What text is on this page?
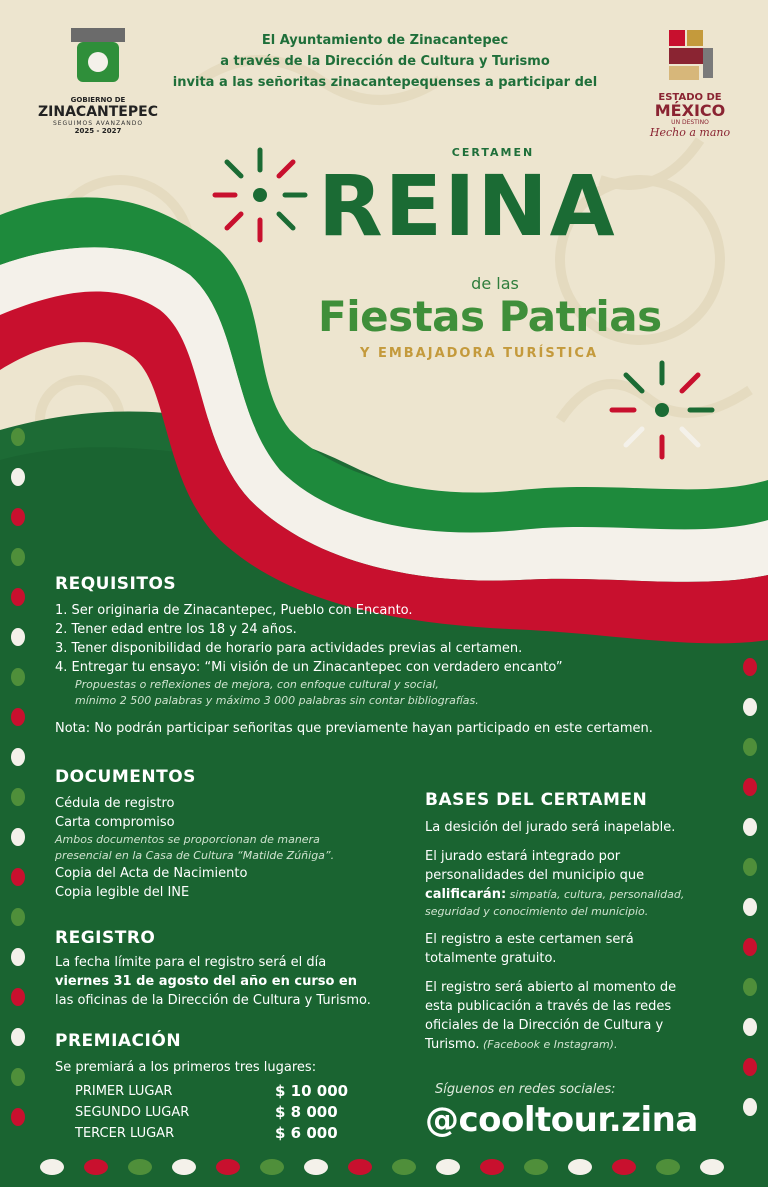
GOBIERNO DE
ZINACANTEPEC
SEGUIMOS AVANZANDO
2025 - 2027
ESTADO DE
MÉXICO
UN DESTINO
Hecho a mano
El Ayuntamiento de Zinacantepec
a través de la Dirección de Cultura y Turismo
invita a las señoritas zinacantepequenses a participar del
CERTAMEN
REINA
de las
Fiestas Patrias
Y EMBAJADORA TURÍSTICA
REQUISITOS
1. Ser originaria de Zinacantepec, Pueblo con Encanto.
2. Tener edad entre los 18 y 24 años.
3. Tener disponibilidad de horario para actividades previas al certamen.
4. Entregar tu ensayo: “Mi visión de un Zinacantepec con verdadero encanto”
Propuestas o reflexiones de mejora, con enfoque cultural y social,
mínimo 2 500 palabras y máximo 3 000 palabras sin contar bibliografías.
Nota: No podrán participar señoritas que previamente hayan participado en este certamen.
DOCUMENTOS
Cédula de registro
Carta compromiso
Ambos documentos se proporcionan de manera
presencial en la Casa de Cultura “Matilde Zúñiga”.
Copia del Acta de Nacimiento
Copia legible del INE
REGISTRO
La fecha límite para el registro será el día
viernes 31 de agosto del año en curso en
las oficinas de la Dirección de Cultura y Turismo.
PREMIACIÓN
Se premiará a los primeros tres lugares:
PRIMER LUGAR	$ 10 000
SEGUNDO LUGAR	$ 8 000
TERCER LUGAR	$ 6 000
BASES DEL CERTAMEN
La desición del jurado será inapelable.
El jurado estará integrado por
personalidades del municipio que
calificarán: simpatía, cultura, personalidad,
seguridad y conocimiento del municipio.
El registro a este certamen será
totalmente gratuito.
El registro será abierto al momento de
esta publicación a través de las redes
oficiales de la Dirección de Cultura y
Turismo. (Facebook e Instagram).
Síguenos en redes sociales:
@cooltour.zina
